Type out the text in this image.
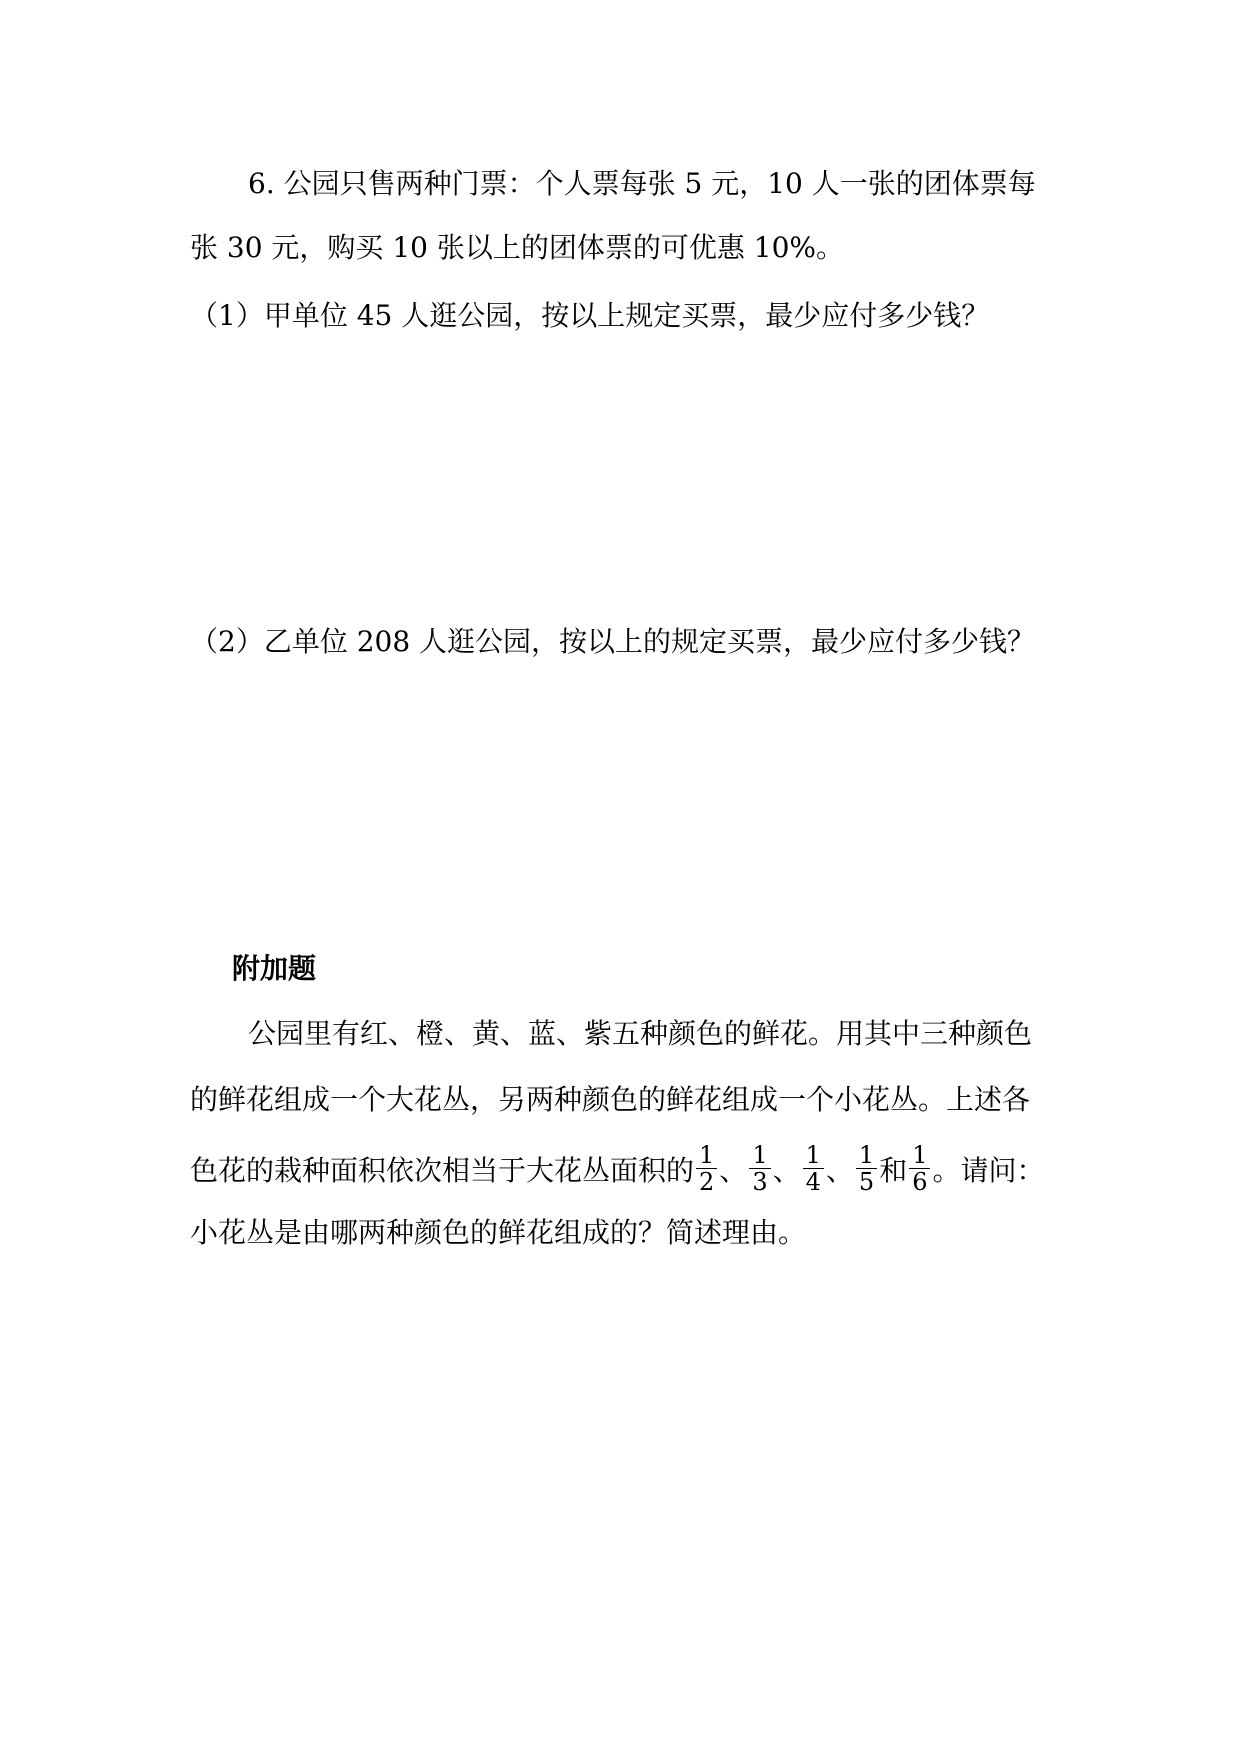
6. 公园只售两种门票：个人票每张 5 元，10 人一张的团体票每
张 30 元，购买 10 张以上的团体票的可优惠 10%。
（1）甲单位 45 人逛公园，按以上规定买票，最少应付多少钱？
（2）乙单位 208 人逛公园，按以上的规定买票，最少应付多少钱？
附加题
公园里有红、橙、黄、蓝、紫五种颜色的鲜花。用其中三种颜色
的鲜花组成一个大花丛，另两种颜色的鲜花组成一个小花丛。上述各
色花的栽种面积依次相当于大花丛面积的 $\frac{1}{2}$ 、 $\frac{1}{3}$ 、 $\frac{1}{4}$ 、 $\frac{1}{5}$ 和 $\frac{1}{6}$ 。请问：
小花丛是由哪两种颜色的鲜花组成的？简述理由。
